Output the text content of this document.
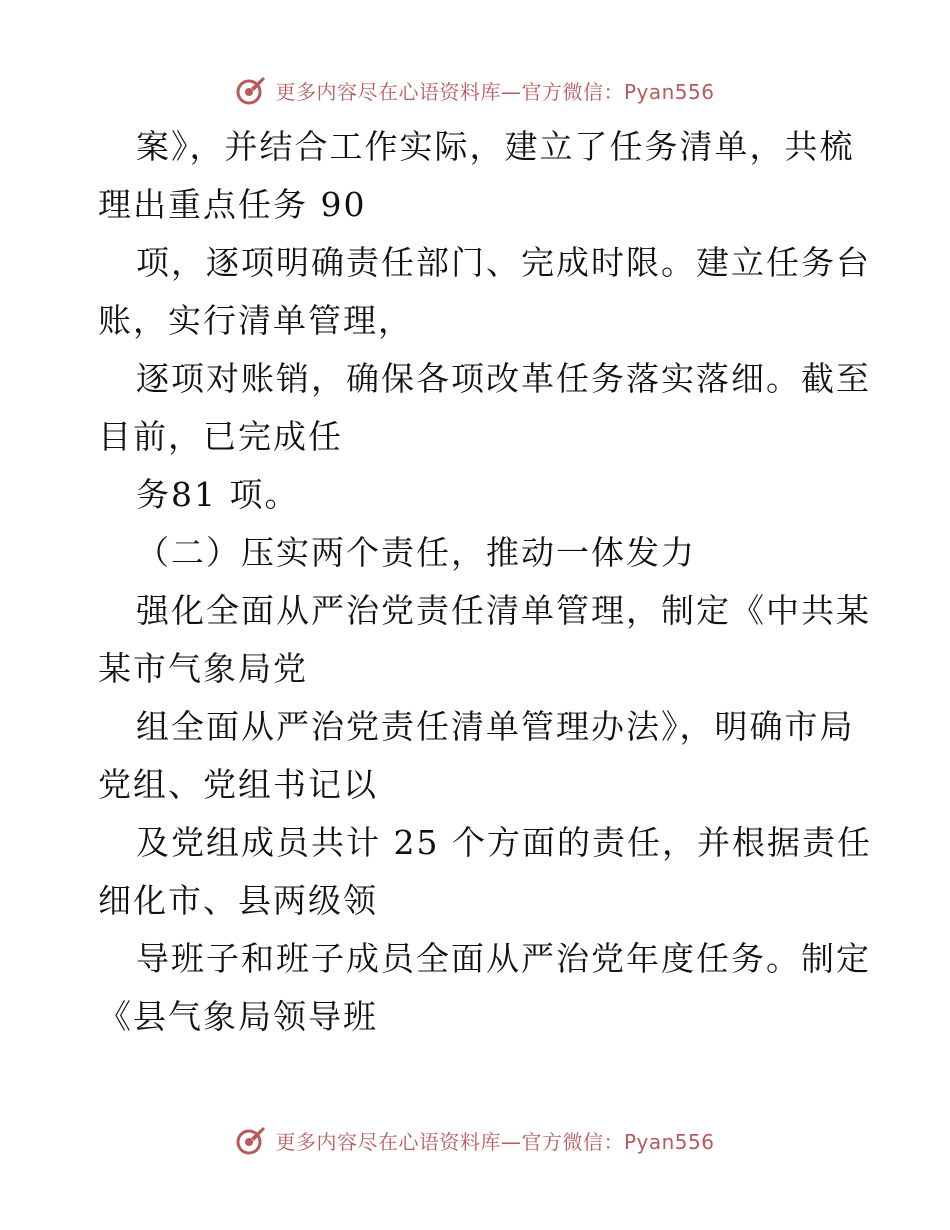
更多内容尽在心语资料库—官方微信：Pyan556
案》，并结合工作实际，建立了任务清单，共梳
理出重点任务 90
项，逐项明确责任部门、完成时限。建立任务台
账，实行清单管理，
逐项对账销，确保各项改革任务落实落细。截至
目前，已完成任
务81 项。
（二）压实两个责任，推动一体发力
强化全面从严治党责任清单管理，制定《中共某
某市气象局党
组全面从严治党责任清单管理办法》，明确市局
党组、党组书记以
及党组成员共计 25 个方面的责任，并根据责任
细化市、县两级领
导班子和班子成员全面从严治党年度任务。制定
《县气象局领导班
更多内容尽在心语资料库—官方微信：Pyan556
